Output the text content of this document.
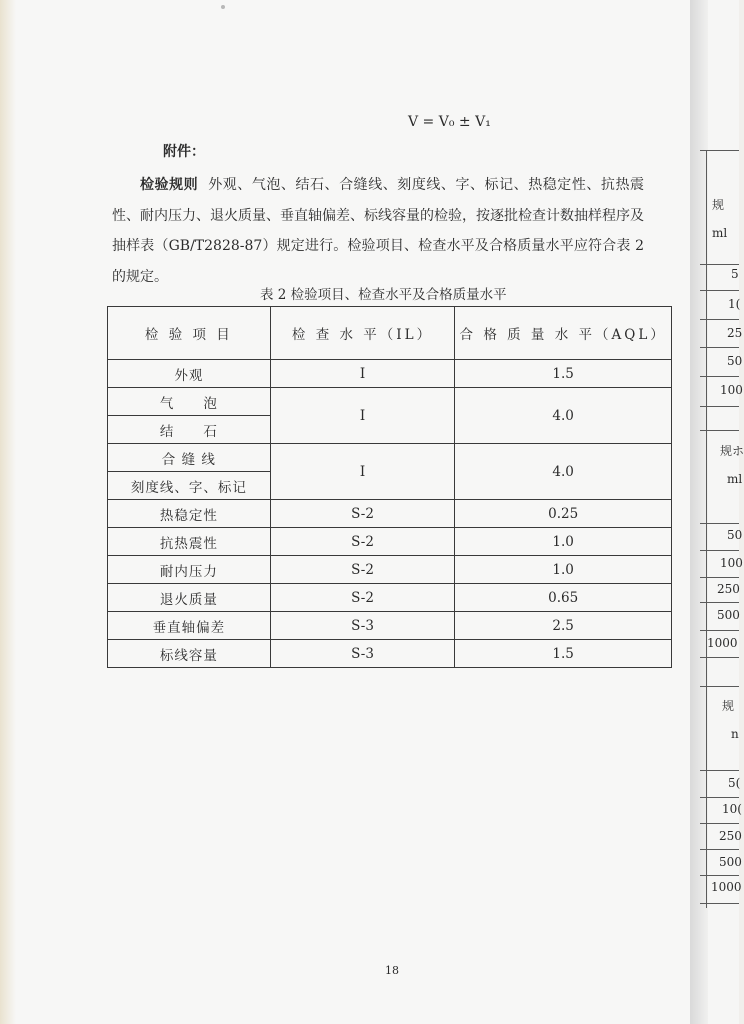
V = V₀ ± V₁
附件：
检验规则 外观、气泡、结石、合缝线、刻度线、字、标记、热稳定性、抗热震性、耐内压力、退火质量、垂直轴偏差、标线容量的检验，按逐批检查计数抽样程序及抽样表（GB/T2828-87）规定进行。检验项目、检查水平及合格质量水平应符合表 2 的规定。
表 2 检验项目、检查水平及合格质量水平
检 验 项 目	检 查 水 平（IL）	合 格 质 量 水 平（AQL）
外观	I	1.5
气　　泡	I	4.0
结　　石		
合 缝 线	I	4.0
刻度线、字、标记		
热稳定性	S-2	0.25
抗热震性	S-2	1.0
耐内压力	S-2	1.0
退火质量	S-2	0.65
垂直轴偏差	S-3	2.5
标线容量	S-3	1.5
18
规
ml
5
1(
25
50
100
规ホ
ml
50
100
250
500
1000
规
n
5(
10(
250
500
1000
